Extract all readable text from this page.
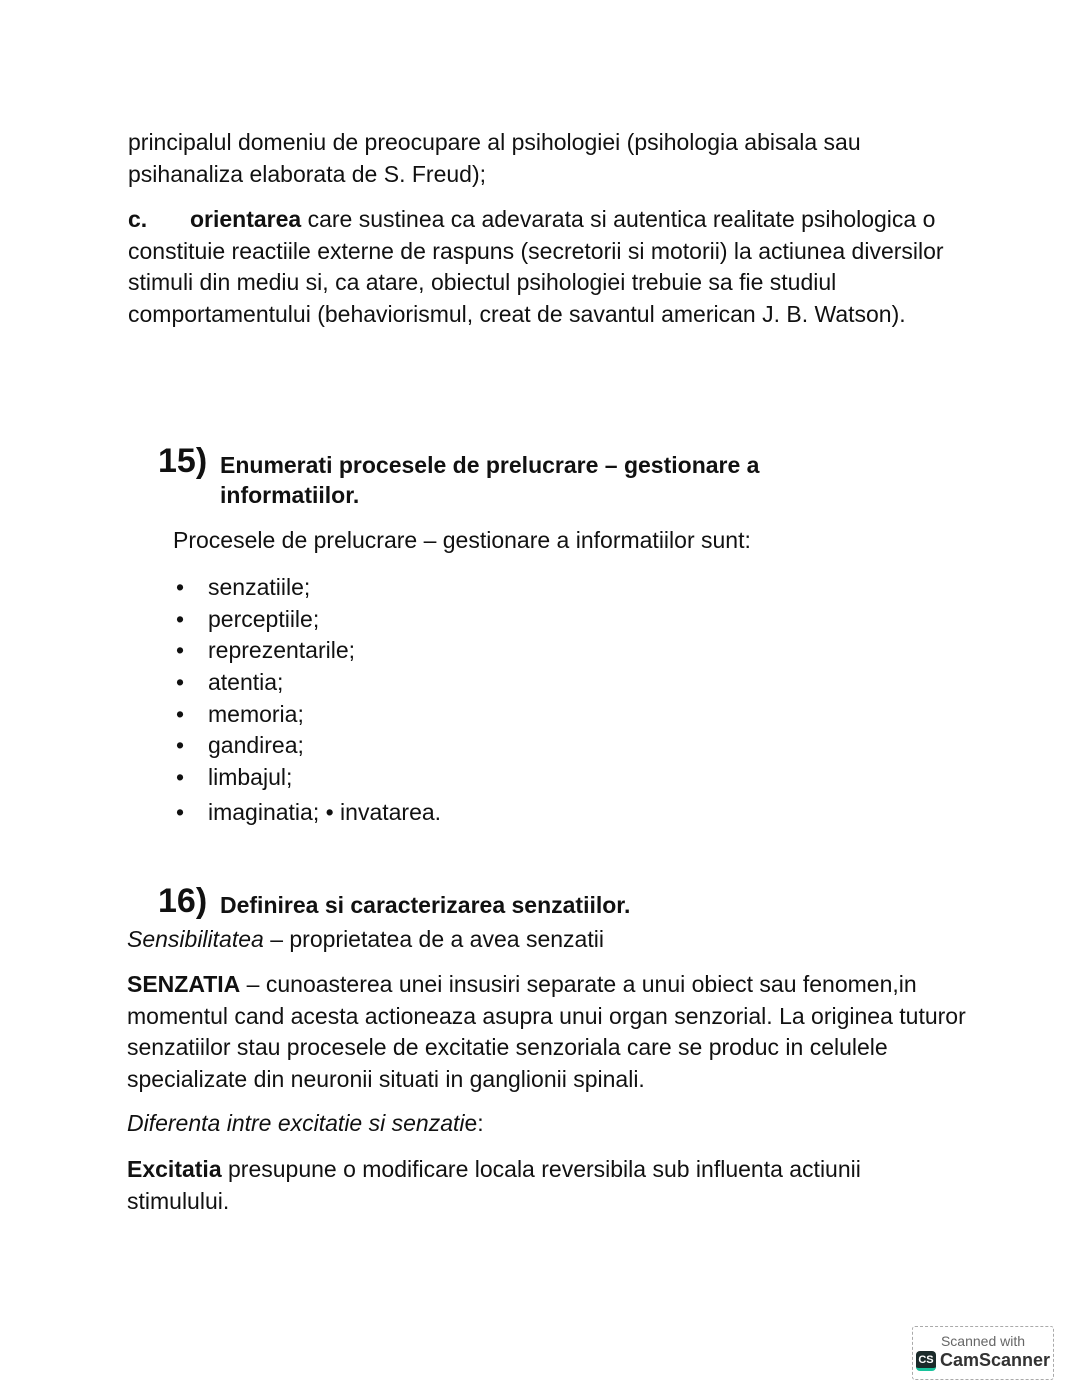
principalul domeniu de preocupare al psihologiei (psihologia abisala sau psihanaliza elaborata de S. Freud);
c. orientarea care sustinea ca adevarata si autentica realitate psihologica o constituie reactiile externe de raspuns (secretorii si motorii) la actiunea diversilor stimuli din mediu si, ca atare, obiectul psihologiei trebuie sa fie studiul comportamentului (behaviorismul, creat de savantul american J. B. Watson).
15) Enumerati procesele de prelucrare – gestionare a informatiilor.
Procesele de prelucrare – gestionare a informatiilor sunt:
• senzatiile;
• perceptiile;
• reprezentarile;
• atentia;
• memoria;
• gandirea;
• limbajul;
• imaginatia; • invatarea.
16) Definirea si caracterizarea senzatiilor.
Sensibilitatea – proprietatea de a avea senzatii
SENZATIA – cunoasterea unei insusiri separate a unui obiect sau fenomen,in momentul cand acesta actioneaza asupra unui organ senzorial. La originea tuturor senzatiilor stau procesele de excitatie senzoriala care se produc in celulele specializate din neuronii situati in ganglionii spinali.
Diferenta intre excitatie si senzatie:
Excitatia presupune o modificare locala reversibila sub influenta actiunii stimulului.
Scanned with
CS CamScanner
